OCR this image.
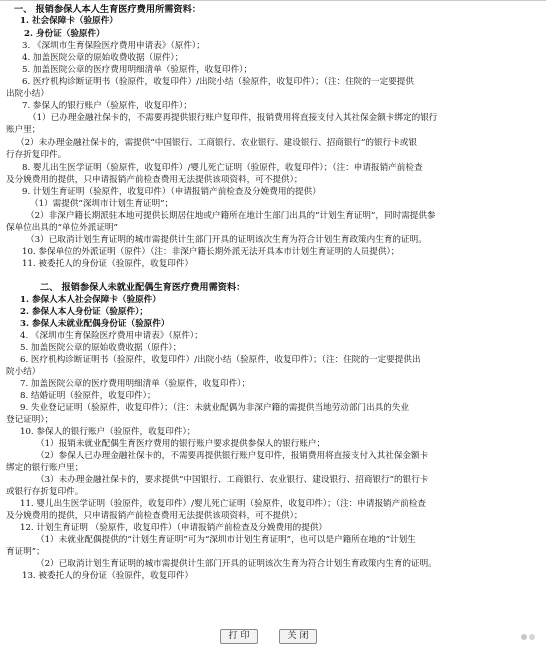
一、 报销参保人本人生育医疗费用所需资料：
1. 社会保障卡（验原件）
2. 身份证（验原件）
3. 《深圳市生育保险医疗费用申请表》（原件）；
4. 加盖医院公章的原始收费收据（原件）；
5. 加盖医院公章的医疗费用明细清单（验原件，收复印件）；
6. 医疗机构诊断证明书（验原件，收复印件）/出院小结（验原件，收复印件）；（注：住院的一定要提供
出院小结）
7. 参保人的银行账户（验原件，收复印件）；
（1）已办理金融社保卡的，不需要再提供银行账户复印件，报销费用将直接支付入其社保金额卡绑定的银行
账户里；
（2）未办理金融社保卡的，需提供“中国银行、工商银行、农业银行、建设银行、招商银行”的银行卡或银
行存折复印件。
8. 婴儿出生医学证明（验原件，收复印件）/婴儿死亡证明（验原件，收复印件）；（注：申请报销产前检查
及分娩费用的提供，只申请报销产前检查费用无法提供该项资料，可不提供）；
9. 计划生育证明（验原件，收复印件）（申请报销产前检查及分娩费用的提供）
（1）需提供“深圳市计划生育证明”；
（2）非深户籍长期派驻本地可提供长期居住地或户籍所在地计生部门出具的“计划生育证明”，同时需提供参
保单位出具的“单位外派证明”
（3）已取消计划生育证明的城市需提供计生部门开具的证明该次生育为符合计划生育政策内生育的证明。
10. 参保单位的外派证明（原件）（注：非深户籍长期外派无法开具本市计划生育证明的人员提供）；
11. 被委托人的身份证（验原件，收复印件）
二、 报销参保人未就业配偶生育医疗费用需资料：
1. 参保人本人社会保障卡（验原件）
2. 参保人本人身份证（验原件）；
3. 参保人未就业配偶身份证（验原件）
4. 《深圳市生育保险医疗费用申请表》（原件）；
5. 加盖医院公章的原始收费收据（原件）；
6. 医疗机构诊断证明书（验原件，收复印件）/出院小结（验原件，收复印件）；（注：住院的一定要提供出
院小结）
7. 加盖医院公章的医疗费用明细清单（验原件，收复印件）；
8. 结婚证明（验原件，收复印件）；
9. 失业登记证明（验原件，收复印件）；（注：未就业配偶为非深户籍的需提供当地劳动部门出具的失业
登记证明）；
10. 参保人的银行账户（验原件，收复印件）；
（1）报销未就业配偶生育医疗费用的银行账户要求提供参保人的银行账户；
（2）参保人已办理金融社保卡的，不需要再提供银行账户复印件，报销费用将直接支付入其社保金额卡
绑定的银行账户里；
（3）未办理金融社保卡的，要求提供“中国银行、工商银行、农业银行、建设银行、招商银行”的银行卡
或银行存折复印件。
11. 婴儿出生医学证明（验原件，收复印件）/婴儿死亡证明（验原件，收复印件）；（注：申请报销产前检查
及分娩费用的提供，只申请报销产前检查费用无法提供该项资料，可不提供）；
12. 计划生育证明 （验原件，收复印件）（申请报销产前检查及分娩费用的提供）
（1）未就业配偶提供的“计划生育证明”可为“深圳市计划生育证明”，也可以是户籍所在地的“计划生
育证明”；
（2）已取消计划生育证明的城市需提供计生部门开具的证明该次生育为符合计划生育政策内生育的证明。
13. 被委托人的身份证（验原件，收复印件）
打印	关闭
